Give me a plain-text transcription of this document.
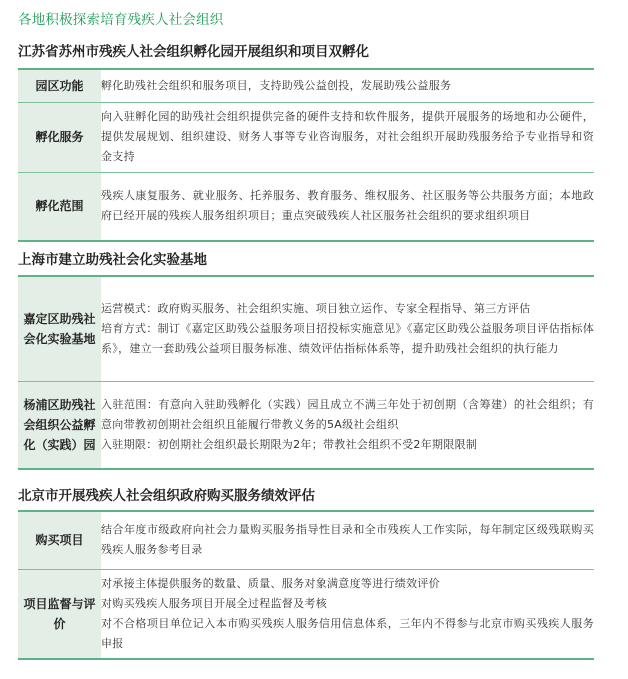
各地积极探索培育残疾人社会组织
江苏省苏州市残疾人社会组织孵化园开展组织和项目双孵化
园区功能	孵化助残社会组织和服务项目，支持助残公益创投，发展助残公益服务

孵化服务	向入驻孵化园的助残社会组织提供完备的硬件支持和软件服务，提供开展服务的场地和办公硬件，提供发展规划、组织建设、财务人事等专业咨询服务，对社会组织开展助残服务给予专业指导和资金支持

孵化范围	残疾人康复服务、就业服务、托养服务、教育服务、维权服务、社区服务等公共服务方面；本地政府已经开展的残疾人服务组织项目；重点突破残疾人社区服务社会组织的要求组织项目
上海市建立助残社会化实验基地
嘉定区助残社会化实验基地	运营模式：政府购买服务、社会组织实施、项目独立运作、专家全程指导、第三方评估
培育方式：制订《嘉定区助残公益服务项目招投标实施意见》《嘉定区助残公益服务项目评估指标体系》，建立一套助残公益项目服务标准、绩效评估指标体系等，提升助残社会组织的执行能力

杨浦区助残社会组织公益孵化（实践）园	入驻范围：有意向入驻助残孵化（实践）园且成立不满三年处于初创期（含筹建）的社会组织；有意向带教初创期社会组织且能履行带教义务的5A级社会组织
入驻期限：初创期社会组织最长期限为2年；带教社会组织不受2年期限限制
北京市开展残疾人社会组织政府购买服务绩效评估
购买项目	结合年度市级政府向社会力量购买服务指导性目录和全市残疾人工作实际，每年制定区级残联购买残疾人服务参考目录

项目监督与评价	对承接主体提供服务的数量、质量、服务对象满意度等进行绩效评价
对购买残疾人服务项目开展全过程监督及考核
对不合格项目单位记入本市购买残疾人服务信用信息体系，三年内不得参与北京市购买残疾人服务申报
